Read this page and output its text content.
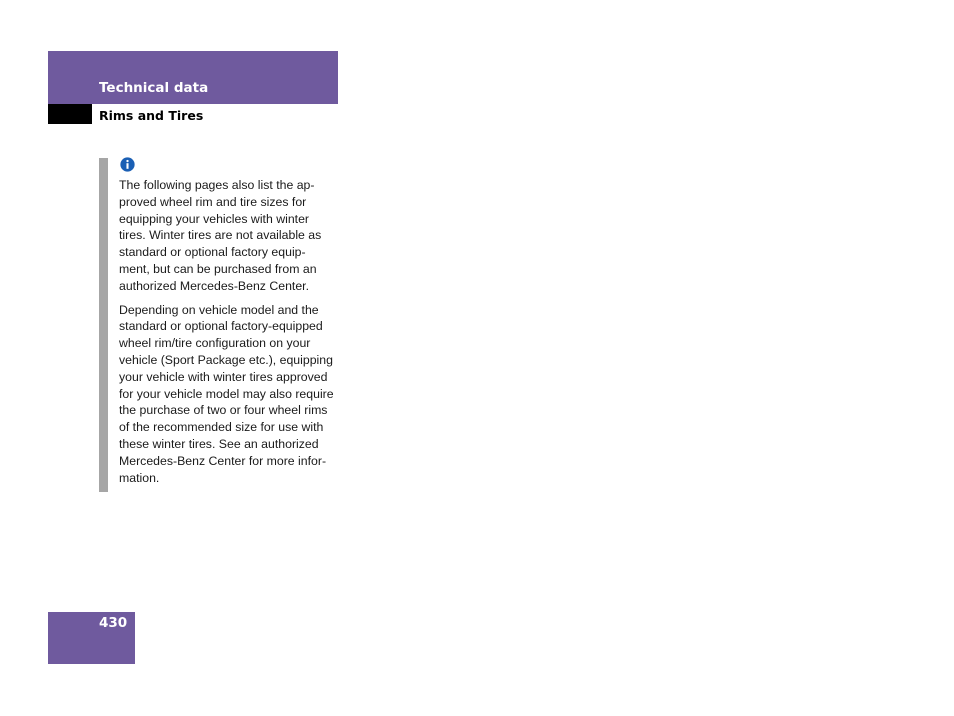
Technical data
Rims and Tires

The following pages also list the ap-
proved wheel rim and tire sizes for
equipping your vehicles with winter
tires. Winter tires are not available as
standard or optional factory equip-
ment, but can be purchased from an
authorized Mercedes-Benz Center.

Depending on vehicle model and the
standard or optional factory-equipped
wheel rim/tire configuration on your
vehicle (Sport Package etc.), equipping
your vehicle with winter tires approved
for your vehicle model may also require
the purchase of two or four wheel rims
of the recommended size for use with
these winter tires. See an authorized
Mercedes-Benz Center for more infor-
mation.

430
